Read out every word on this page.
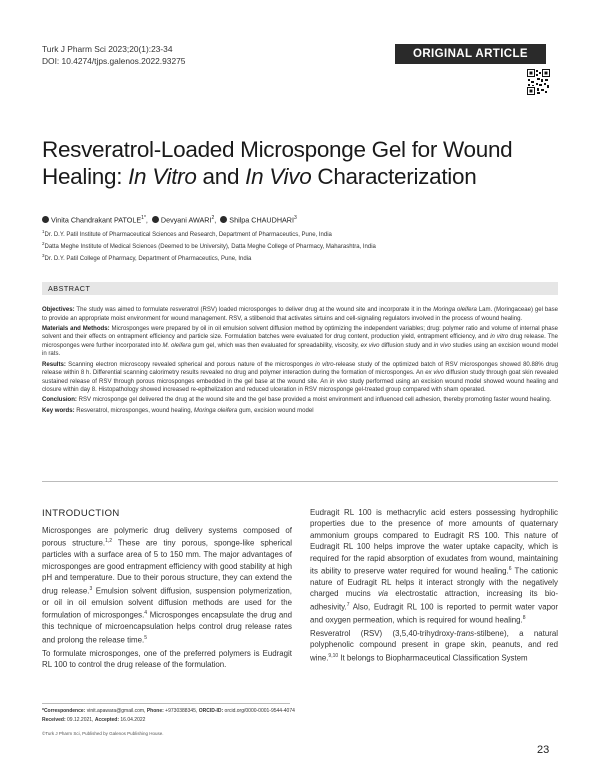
Turk J Pharm Sci 2023;20(1):23-34
DOI: 10.4274/tjps.galenos.2022.93275
ORIGINAL ARTICLE
Resveratrol-Loaded Microsponge Gel for Wound
Healing: In Vitro and In Vivo Characterization
Vinita Chandrakant $PATOLE^{1*}$, Devyani AWARI$^2$, Shilpa CHAUDHARI$^3$
$^1$Dr. D.Y. Patil Institute of Pharmaceutical Sciences and Research, Department of Pharmaceutics, Pune, India
$^2$Datta Meghe Institute of Medical Sciences (Deemed to be University), Datta Meghe College of Pharmacy, Maharashtra, India
$^3$Dr. D.Y. Patil College of Pharmacy, Department of Pharmaceutics, Pune, India
ABSTRACT

Objectives: The study was aimed to formulate resveratrol (RSV) loaded microsponges to deliver drug at the wound site and incorporate it in the Moringa oleifera Lam. (Moringaceae) gel base to provide an appropriate moist environment for wound management. RSV, a stilbenoid that activates sirtuins and cell-signaling regulators involved in the process of wound healing.

Materials and Methods: Microsponges were prepared by oil in oil emulsion solvent diffusion method by optimizing the independent variables; drug: polymer ratio and volume of internal phase solvent and their effects on entrapment efficiency and particle size. Formulation batches were evaluated for drug content, production yield, entrapment efficiency, and in vitro drug release. The microsponges were further incorporated into M. oleifera gum gel, which was then evaluated for spreadability, viscosity, ex vivo diffusion study and in vivo studies using an excision wound model in rats.

Results: Scanning electron microscopy revealed spherical and porous nature of the microsponges in vitro-release study of the optimized batch of RSV microsponges showed 80.88% drug release within 8 h. Differential scanning calorimetry results revealed no drug and polymer interaction during the formation of microsponges. An ex vivo diffusion study through goat skin revealed sustained release of RSV through porous microsponges embedded in the gel base at the wound site. An in vivo study performed using an excision wound model showed wound healing and closure within day 8. Histopathology showed increased re-epithelization and reduced ulceration in RSV microsponge gel-treated group compared with sham operated.

Conclusion: RSV microsponge gel delivered the drug at the wound site and the gel base provided a moist environment and influenced cell adhesion, thereby promoting faster wound healing.

Key words: Resveratrol, microsponges, wound healing, Moringa oleifera gum, excision wound model

INTRODUCTION

Microsponges are polymeric drug delivery systems composed of porous structure.$^{1,2}$ These are tiny porous, sponge-like spherical particles with a surface area of 5 to 150 mm. The major advantages of microsponges are good entrapment efficiency with good stability at high pH and temperature. Due to their porous structure, they can extend the drug release.$^3$ Emulsion solvent diffusion, suspension polymerization, or oil in oil emulsion solvent diffusion methods are used for the formulation of microsponges.$^4$ Microsponges encapsulate the drug and this technique of microencapsulation helps control drug release rates and prolong the release time.$^5$

To formulate microsponges, one of the preferred polymers is Eudragit RL 100 to control the drug release of the formulation.

Eudragit RL 100 is methacrylic acid esters possessing hydrophilic properties due to the presence of more amounts of quaternary ammonium groups compared to Eudragit RS 100. This nature of Eudragit RL 100 helps improve the water uptake capacity, which is required for the rapid absorption of exudates from wound, maintaining its ability to preserve water required for wound healing.$^6$ The cationic nature of Eudragit RL helps it interact strongly with the negatively charged mucins via electrostatic attraction, increasing its bio-adhesivity.$^7$ Also, Eudragit RL 100 is reported to permit water vapor and oxygen permeation, which is required for wound healing.$^8$

Resveratrol (RSV) (3,5,40-trihydroxy-trans-stilbene), a natural polyphenolic compound present in grape skin, peanuts, and red wine.$^{9,10}$ It belongs to Biopharmaceutical Classification System

*Correspondence: vinit.apawara@gmail.com, Phone: +9730388345, ORCID-ID: orcid.org/0000-0001-9544-4074
Received: 09.12.2021, Accepted: 16.04.2022
©Turk J Pharm Sci, Published by Galenos Publishing House.
23
